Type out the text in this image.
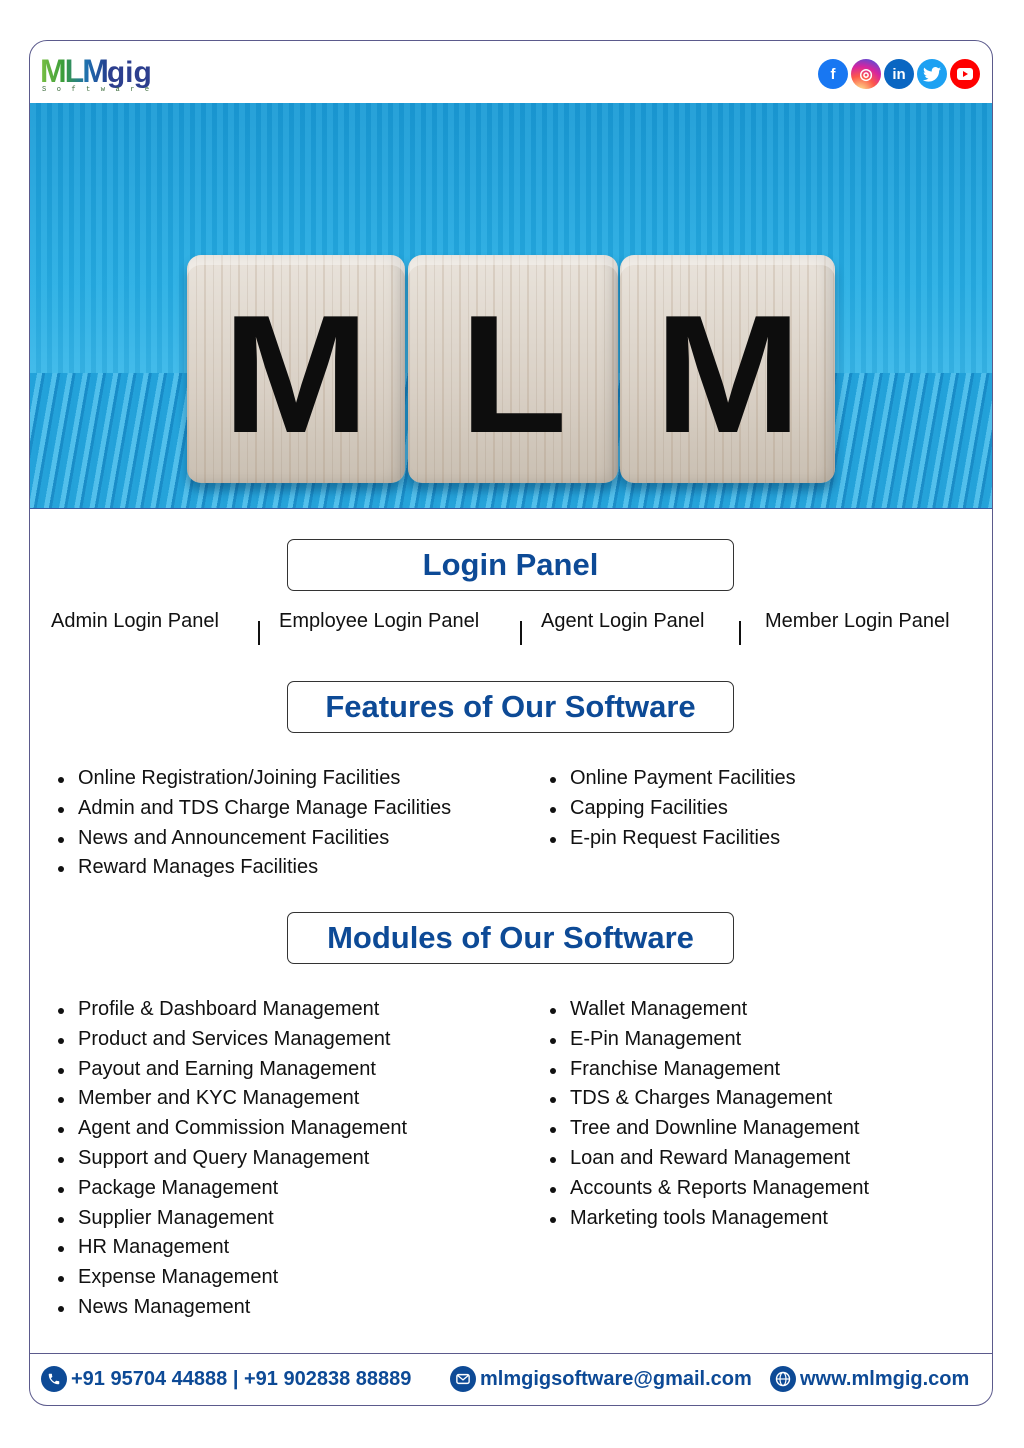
MLMgig
Software
f	◎	in
M L M
Login Panel
Admin Login Panel	Employee Login Panel	Agent Login Panel	Member Login Panel
Features of Our Software
Online Registration/Joining Facilities
Admin and TDS Charge Manage Facilities
News and Announcement Facilities
Reward Manages Facilities
Online Payment Facilities
Capping Facilities
E-pin Request Facilities
Modules of Our Software
Profile & Dashboard Management
Product and Services Management
Payout and Earning Management
Member and KYC Management
Agent and Commission Management
Support and Query Management
Package Management
Supplier Management
HR Management
Expense Management
News Management
Wallet Management
E-Pin Management
Franchise Management
TDS & Charges Management
Tree and Downline Management
Loan and Reward Management
Accounts & Reports Management
Marketing tools Management
+91 95704 44888 | +91 902838 88889	mlmgigsoftware@gmail.com www.mlmgig.com
